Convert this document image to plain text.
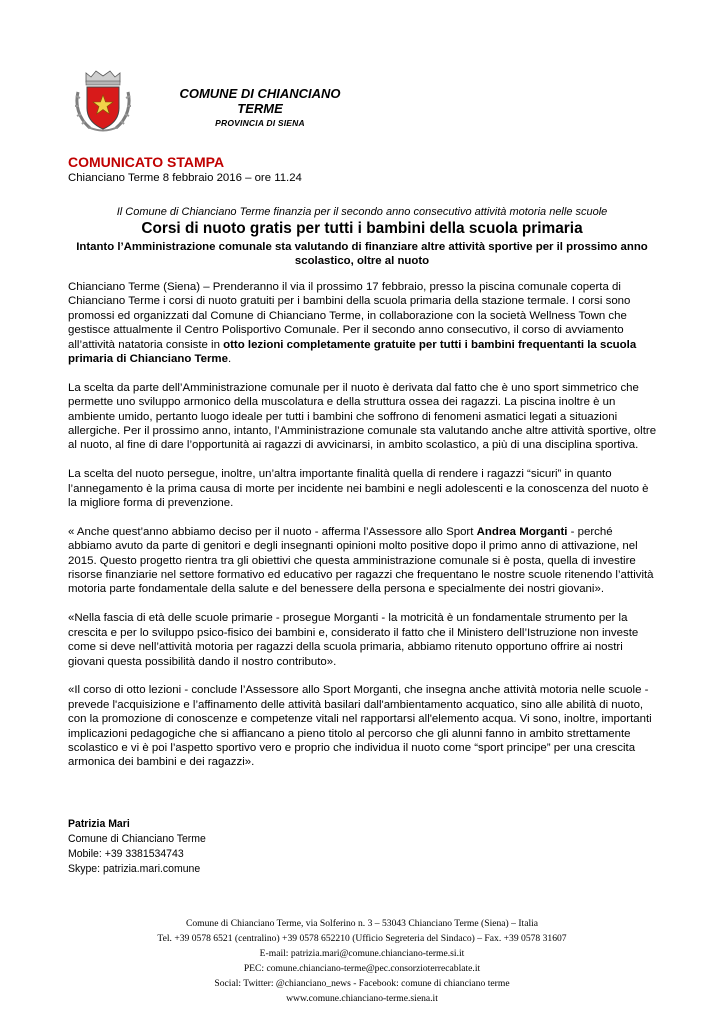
COMUNE DI CHIANCIANO
TERME
PROVINCIA DI SIENA
COMUNICATO STAMPA
Chianciano Terme 8 febbraio 2016 – ore 11.24
Il Comune di Chianciano Terme finanzia per il secondo anno consecutivo attività motoria nelle scuole
Corsi di nuoto gratis per tutti i bambini della scuola primaria
Intanto l’Amministrazione comunale sta valutando di finanziare altre attività sportive per il prossimo anno scolastico, oltre al nuoto

Chianciano Terme (Siena) – Prenderanno il via il prossimo 17 febbraio, presso la piscina comunale coperta di Chianciano Terme i corsi di nuoto gratuiti per i bambini della scuola primaria della stazione termale. I corsi sono promossi ed organizzati dal Comune di Chianciano Terme, in collaborazione con la società Wellness Town che gestisce attualmente il Centro Polisportivo Comunale. Per il secondo anno consecutivo, il corso di avviamento all’attività natatoria consiste in otto lezioni completamente gratuite per tutti i bambini frequentanti la scuola primaria di Chianciano Terme.

La scelta da parte dell’Amministrazione comunale per il nuoto è derivata dal fatto che è uno sport simmetrico che permette uno sviluppo armonico della muscolatura e della struttura ossea dei ragazzi. La piscina inoltre è un ambiente umido, pertanto luogo ideale per tutti i bambini che soffrono di fenomeni asmatici legati a situazioni allergiche. Per il prossimo anno, intanto, l’Amministrazione comunale sta valutando anche altre attività sportive, oltre al nuoto, al fine di dare l’opportunità ai ragazzi di avvicinarsi, in ambito scolastico, a più di una disciplina sportiva.

La scelta del nuoto persegue, inoltre, un’altra importante finalità quella di rendere i ragazzi “sicuri” in quanto l’annegamento è la prima causa di morte per incidente nei bambini e negli adolescenti e la conoscenza del nuoto è la migliore forma di prevenzione.

« Anche quest’anno abbiamo deciso per il nuoto - afferma l’Assessore allo Sport Andrea Morganti - perché abbiamo avuto da parte di genitori e degli insegnanti opinioni molto positive dopo il primo anno di attivazione, nel 2015. Questo progetto rientra tra gli obiettivi che questa amministrazione comunale si è posta, quella di investire risorse finanziarie nel settore formativo ed educativo per ragazzi che frequentano le nostre scuole ritenendo l’attività motoria parte fondamentale della salute e del benessere della persona e specialmente dei nostri giovani».

«Nella fascia di età delle scuole primarie - prosegue Morganti - la motricità è un fondamentale strumento per la crescita e per lo sviluppo psico-fisico dei bambini e, considerato il fatto che il Ministero dell’Istruzione non investe come si deve nell’attività motoria per ragazzi della scuola primaria, abbiamo ritenuto opportuno offrire ai nostri giovani questa possibilità dando il nostro contributo».

«Il corso di otto lezioni - conclude l’Assessore allo Sport Morganti, che insegna anche attività motoria nelle scuole - prevede l'acquisizione e l’affinamento delle attività basilari dall'ambientamento acquatico, sino alle abilità di nuoto, con la promozione di conoscenze e competenze vitali nel rapportarsi all'elemento acqua. Vi sono, inoltre, importanti implicazioni pedagogiche che si affiancano a pieno titolo al percorso che gli alunni fanno in ambito strettamente scolastico e vi è poi l’aspetto sportivo vero e proprio che individua il nuoto come “sport principe” per una crescita armonica dei bambini e dei ragazzi».

Patrizia Mari
Comune di Chianciano Terme
Mobile: +39 3381534743
Skype: patrizia.mari.comune
Comune di Chianciano Terme, via Solferino n. 3 – 53043 Chianciano Terme (Siena) – Italia
Tel. +39 0578 6521 (centralino) +39 0578 652210 (Ufficio Segreteria del Sindaco) – Fax. +39 0578 31607
E-mail: patrizia.mari@comune.chianciano-terme.si.it
PEC: comune.chianciano-terme@pec.consorzioterrecablate.it
Social: Twitter: @chianciano_news - Facebook: comune di chianciano terme
www.comune.chianciano-terme.siena.it
